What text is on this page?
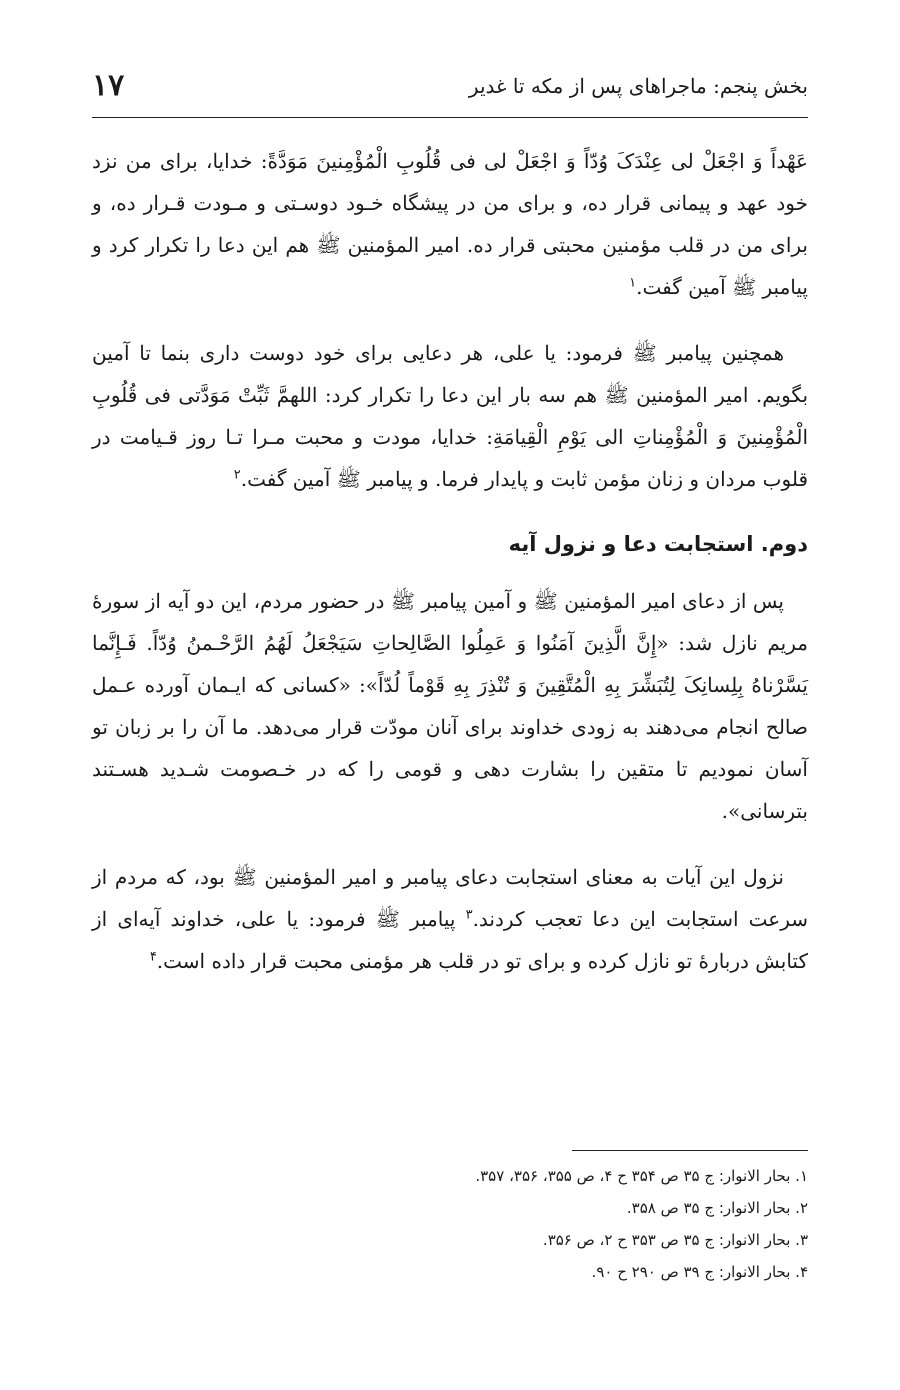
بخش پنجم: ماجراهای پس از مکه تا غدیر
۱۷

عَهْداً وَ اجْعَلْ لى عِنْدَکَ وُدّاً وَ اجْعَلْ لى فى قُلُوبِ الْمُؤْمِنينَ مَوَدَّةً: خدایا، برای من نزد خود عهد و پیمانی قرار ده، و برای من در پیشگاه خـود دوسـتی و مـودت قـرار ده، و برای من در قلب مؤمنین محبتی قرار ده. امیر المؤمنین ﷺ هم این دعا را تکرار کرد و پیامبر ﷺ آمین گفت.$^۱$

همچنین پیامبر ﷺ فرمود: یا علی، هر دعایی برای خود دوست داری بنما تا آمین بگویم. امیر المؤمنین ﷺ هم سه بار این دعا را تکرار کرد: اللهمَّ ثَبِّتْ مَوَدَّتى فى قُلُوبِ الْمُؤْمِنينَ وَ الْمُؤْمِناتِ الى يَوْمِ الْقِيامَةِ: خدایا، مودت و محبت مـرا تـا روز قـیامت در قلوب مردان و زنان مؤمن ثابت و پایدار فرما. و پیامبر ﷺ آمین گفت.$^۲$

دوم. استجابت دعا و نزول آیه

پس از دعای امیر المؤمنین ﷺ و آمین پیامبر ﷺ در حضور مردم، این دو آیه از سورۀ مریم نازل شد: «إِنَّ الَّذِينَ آمَنُوا وَ عَمِلُوا الصَّالِحاتِ سَيَجْعَلُ لَهُمُ الرَّحْـمنُ وُدّاً. فَـإِنَّما يَسَّرْناهُ بِلِسانِکَ لِتُبَشِّرَ بِهِ الْمُتَّقِينَ وَ تُنْذِرَ بِهِ قَوْماً لُدّاً»: «کسانی که ایـمان آورده عـمل صالح انجام می‌دهند به زودی خداوند برای آنان مودّت قرار می‌دهد. ما آن را بر زبان تو آسان نمودیم تا متقین را بشارت دهی و قومی را که در خـصومت شـدید هسـتند بترسانی».

نزول این آیات به معنای استجابت دعای پیامبر و امیر المؤمنین ﷺ بود، که مردم از سرعت استجابت این دعا تعجب کردند.$^۳$ پیامبر ﷺ فرمود: یا علی، خداوند آیه‌ای از کتابش دربارۀ تو نازل کرده و برای تو در قلب هر مؤمنی محبت قرار داده است.$^۴$

۱. بحار الانوار: ج ۳۵ ص ۳۵۴ ح ۴، ص ۳۵۵، ۳۵۶، ۳۵۷.
۲. بحار الانوار: ج ۳۵ ص ۳۵۸.
۳. بحار الانوار: ج ۳۵ ص ۳۵۳ ح ۲، ص ۳۵۶.
۴. بحار الانوار: ج ۳۹ ص ۲۹۰ ح ۹۰.
